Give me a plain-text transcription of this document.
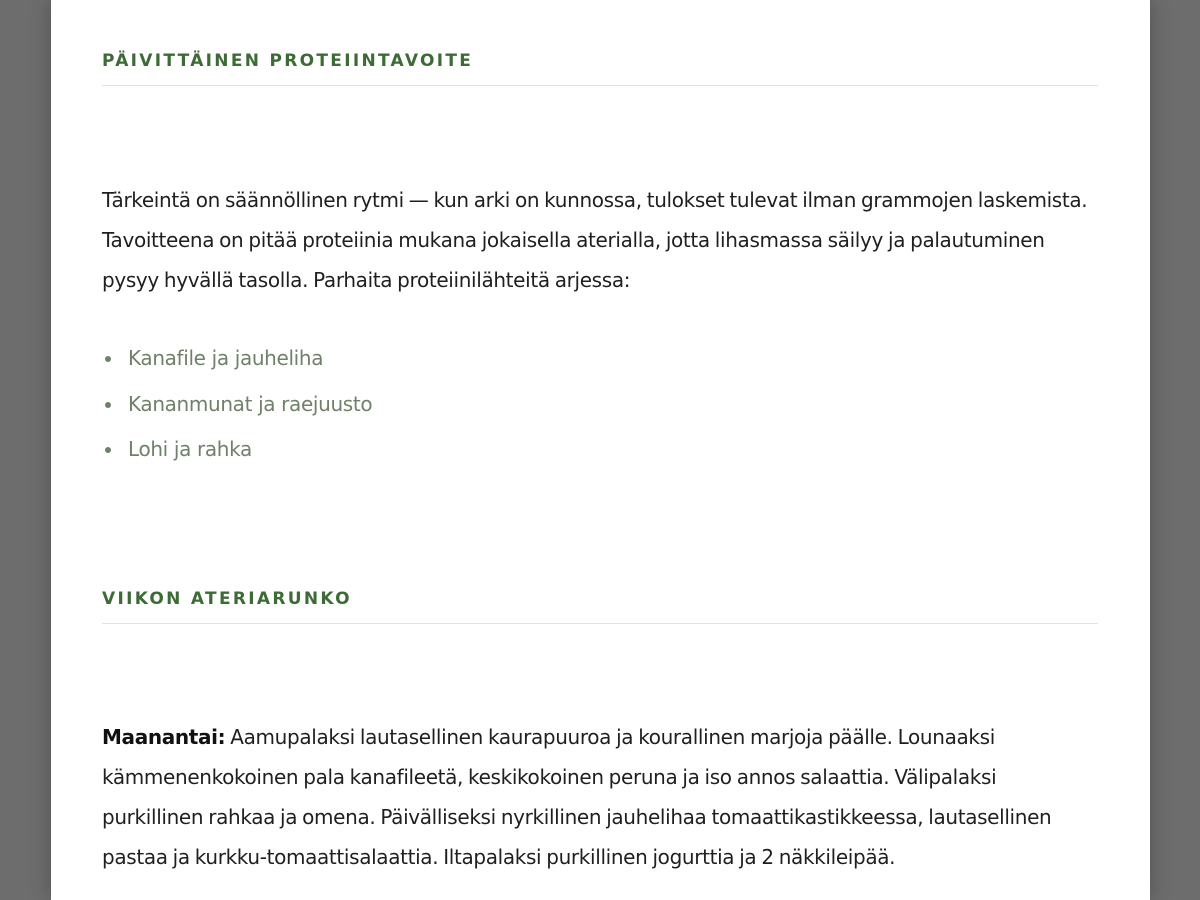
PÄIVITTÄINEN PROTEIINTAVOITE

Tärkeintä on säännöllinen rytmi — kun arki on kunnossa, tulokset tulevat ilman grammojen laskemista. Tavoitteena on pitää proteiinia mukana jokaisella aterialla, jotta lihasmassa säilyy ja palautuminen pysyy hyvällä tasolla. Parhaita proteiinilähteitä arjessa:

Kanafile ja jauheliha
Kananmunat ja raejuusto
Lohi ja rahka
VIIKON ATERIARUNKO

Maanantai: Aamupalaksi lautasellinen kaurapuuroa ja kourallinen marjoja päälle. Lounaaksi kämmenenkokoinen pala kanafileetä, keskikokoinen peruna ja iso annos salaattia. Välipalaksi purkillinen rahkaa ja omena. Päivälliseksi nyrkillinen jauhelihaa tomaattikastikkeessa, lautasellinen pastaa ja kurkku-tomaattisalaattia. Iltapalaksi purkillinen jogurttia ja 2 näkkileipää.
